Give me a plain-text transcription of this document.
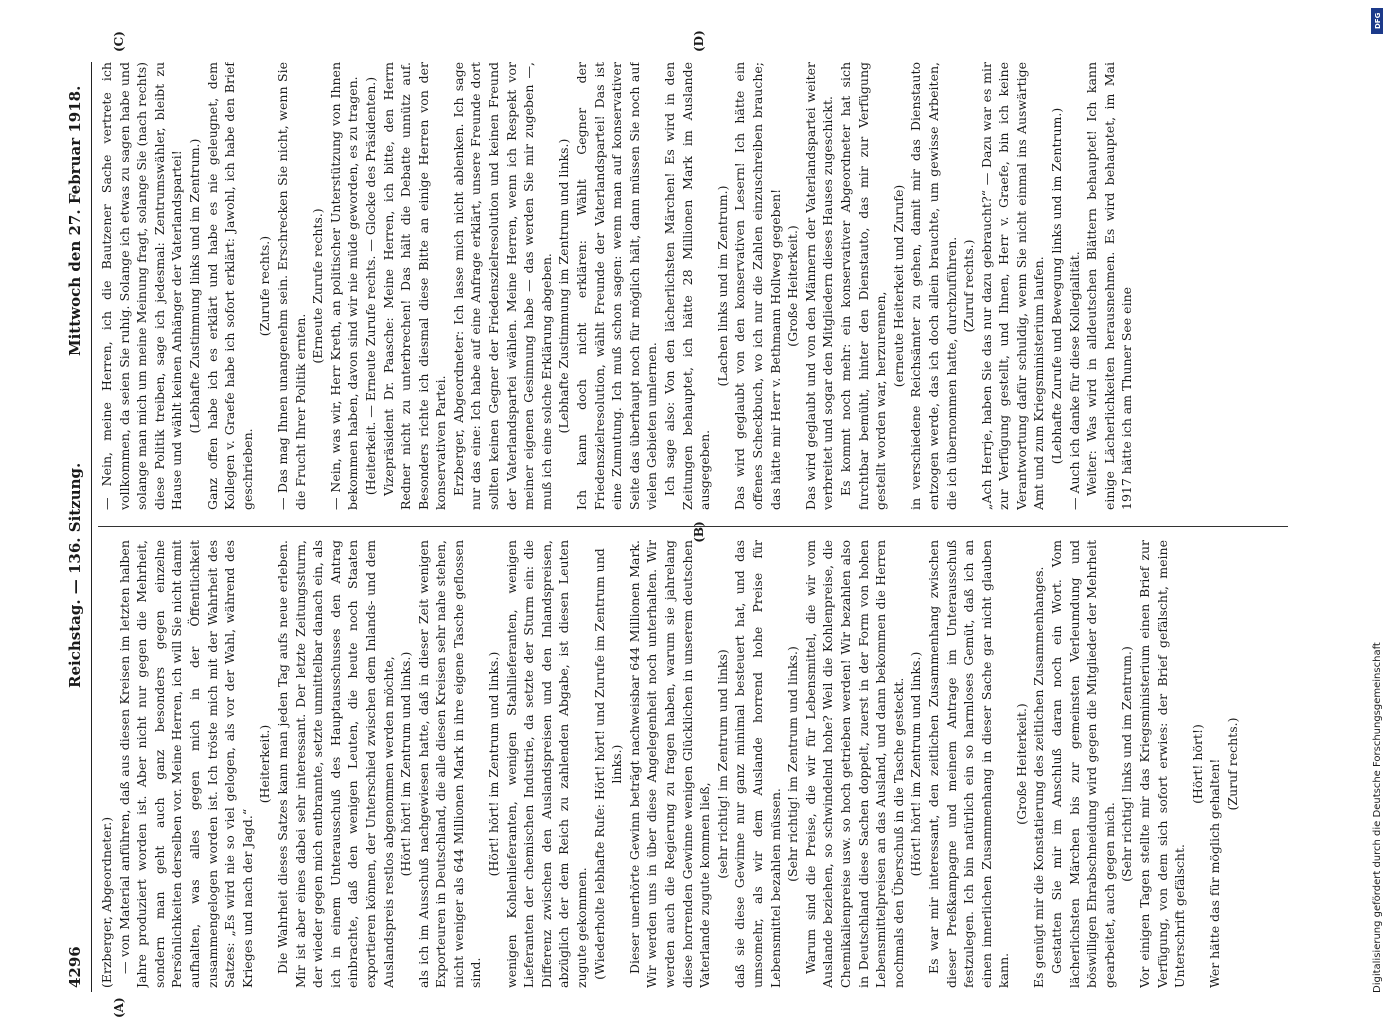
4296
Reichstag. — 136. Sitzung.
Mittwoch den 27. Februar 1918.

(Erzberger, Abgeordneter.) — von Material anführen, daß aus diesen Kreisen im letzten halben Jahre produziert worden ist. Aber nicht nur gegen die Mehrheit, sondern man geht auch ganz besonders gegen einzelne Persönlichkeiten derselben vor. Meine Herren, ich will Sie nicht damit aufhalten, was alles gegen mich in der Öffentlichkeit zusammengelogen worden ist. Ich tröste mich mit der Wahrheit des Satzes: „Es wird nie so viel gelogen, als vor der Wahl, während des Krieges und nach der Jagd.“

(Heiterkeit.) Die Wahrheit dieses Satzes kann man jeden Tag aufs neue erleben. Mir ist aber eines dabei sehr interessant. Der letzte Zeitungssturm, der wieder gegen mich entbrannte, setzte unmittelbar danach ein, als ich in einem Unterausschuß des Hauptausschusses den Antrag einbrachte, daß den wenigen Leuten, die heute noch Staaten exportieren können, der Unterschied zwischen dem Inlands- und dem Auslandspreis restlos abgenommen werden möchte, (Hört! hört! im Zentrum und links.) als ich im Ausschuß nachgewiesen hatte, daß in dieser Zeit wenigen Exporteuren in Deutschland, die alle diesen Kreisen sehr nahe stehen, nicht weniger als 644 Millionen Mark in ihre eigene Tasche geflossen sind.

(Hört! hört! im Zentrum und links.) wenigen Kohlenlieferanten, wenigen Stahllieferanten, wenigen Lieferanten der chemischen Industrie, da setzte der Sturm ein: die Differenz zwischen den Auslandspreisen und den Inlandspreisen, abzüglich der dem Reich zu zahlenden Abgabe, ist diesen Leuten zugute gekommen. (Wiederholte lebhafte Rufe: Hört! hört! und Zurufe im Zentrum und links.) Dieser unerhörte Gewinn beträgt nachweisbar 644 Millionen Mark. Wir werden uns in über diese Angelegenheit noch unterhalten. Wir werden auch die Regierung zu fragen haben, warum sie jahrelang diese horrenden Gewinne wenigen Glücklichen in unserem deutschen Vaterlande zugute kommen ließ,

(sehr richtig! im Zentrum und links) daß sie diese Gewinne nur ganz minimal besteuert hat, und das umsomehr, als wir dem Auslande horrend hohe Preise für Lebensmittel bezahlen müssen.

(Sehr richtig! im Zentrum und links.) Warum sind die Preise, die wir für Lebensmittel, die wir vom Auslande beziehen, so schwindelnd hohe? Weil die Kohlenpreise, die Chemikalienpreise usw. so hoch getrieben werden! Wir bezahlen also in Deutschland diese Sachen doppelt, zuerst in der Form von hohen Lebensmittelpreisen an das Ausland, und dann bekommen die Herren nochmals den Überschuß in die Tasche gesteckt. (Hört! hört! im Zentrum und links.) Es war mir interessant, den zeitlichen Zusammenhang zwischen dieser Preßkampagne und meinem Antrage im Unterausschuß festzulegen. Ich bin natürlich ein so harmloses Gemüt, daß ich an einen innerlichen Zusammenhang in dieser Sache gar nicht glauben kann.

(Große Heiterkeit.) Es genügt mir die Konstatierung des zeitlichen Zusammenhanges. Gestatten Sie mir im Anschluß daran noch ein Wort. Vom lächerlichsten Märchen bis zur gemeinsten Verleumdung und böswilligen Ehrabschneidung wird gegen die Mitglieder der Mehrheit gearbeitet, auch gegen mich.

(Sehr richtig! links und im Zentrum.) Vor einigen Tagen stellte mir das Kriegsministerium einen Brief zur Verfügung, von dem sich sofort erwies: der Brief gefälscht, meine Unterschrift gefälscht.

(Hört! hört!) Wer hätte das für möglich gehalten! (Zuruf rechts.)

— Nein, meine Herren, ich die Bautzener Sache vertrete ich vollkommen, da seien Sie ruhig. Solange ich etwas zu sagen habe und solange man mich um meine Meinung fragt, solange Sie (nach rechts) diese Politik treiben, sage ich jedesmal: Zentrumswähler, bleibt zu Hause und wählt keinen Anhänger der Vaterlandspartei! (Lebhafte Zustimmung links und im Zentrum.) Ganz offen habe ich es erklärt und habe es nie geleugnet, dem Kollegen v. Graefe habe ich sofort erklärt: Jawohl, ich habe den Brief geschrieben.

(Zurufe rechts.) — Das mag Ihnen unangenehm sein. Erschrecken Sie nicht, wenn Sie die Frucht Ihrer Politik ernten.

(Erneute Zurufe rechts.) — Nein, was wir, Herr Kreth, an politischer Unterstützung von Ihnen bekommen haben, davon sind wir nie müde geworden, es zu tragen. (Heiterkeit. — Erneute Zurufe rechts. — Glocke des Präsidenten.) Vizepräsident Dr. Paasche: Meine Herren, ich bitte, den Herrn Redner nicht zu unterbrechen! Das hält die Debatte unnütz auf. Besonders richte ich diesmal diese Bitte an einige Herren von der konservativen Partei. Erzberger, Abgeordneter: Ich lasse mich nicht ablenken. Ich sage nur das eine: Ich habe auf eine Anfrage erklärt, unsere Freunde dort sollten keinen Gegner der Friedenszielresolution und keinen Freund der Vaterlandspartei wählen. Meine Herren, wenn ich Respekt vor meiner eigenen Gesinnung habe — das werden Sie mir zugeben —, muß ich eine solche Erklärung abgeben. (Lebhafte Zustimmung im Zentrum und links.) Ich kann doch nicht erklären: Wählt Gegner der Friedenszielresolution, wählt Freunde der Vaterlandspartei! Das ist eine Zumutung. Ich muß schon sagen: wenn man auf konservativer Seite das überhaupt noch für möglich hält, dann müssen Sie noch auf vielen Gebieten umlernen. Ich sage also: Von den lächerlichsten Märchen! Es wird in den Zeitungen behauptet, ich hätte 28 Millionen Mark im Auslande ausgegeben.

(Lachen links und im Zentrum.) Das wird geglaubt von den konservativen Lesern! Ich hätte ein offenes Scheckbuch, wo ich nur die Zahlen einzuschreiben brauche; das hätte mir Herr v. Bethmann Hollweg gegeben! (Große Heiterkeit.) Das wird geglaubt und von den Männern der Vaterlandspartei weiter verbreitet und sogar den Mitgliedern dieses Hauses zugeschickt. Es kommt noch mehr: ein konservativer Abgeordneter hat sich furchtbar bemüht, hinter den Dienstauto, das mir zur Verfügung gestellt worden war, herzurennen,

(erneute Heiterkeit und Zurufe) in verschiedene Reichsämter zu gehen, damit mir das Dienstauto entzogen werde, das ich doch allein brauchte, um gewisse Arbeiten, die ich übernommen hatte, durchzuführen. (Zuruf rechts.) „Ach Herrje, haben Sie das nur dazu gebraucht?“ — Dazu war es mir zur Verfügung gestellt, und Ihnen, Herr v. Graefe, bin ich keine Verantwortung dafür schuldig, wenn Sie nicht einmal ins Auswärtige Amt und zum Kriegsministerium laufen. (Lebhafte Zurufe und Bewegung links und im Zentrum.) — Auch ich danke für diese Kollegialität. Weiter: Was wird in alldeutschen Blättern behauptet! Ich kann einige Lächerlichkeiten herausnehmen. Es wird behauptet, im Mai 1917 hätte ich am Thuner See eine

(A)
(B)
(C)	(D)
DFG
Digitalisierung gefördert durch die Deutsche Forschungsgemeinschaft
